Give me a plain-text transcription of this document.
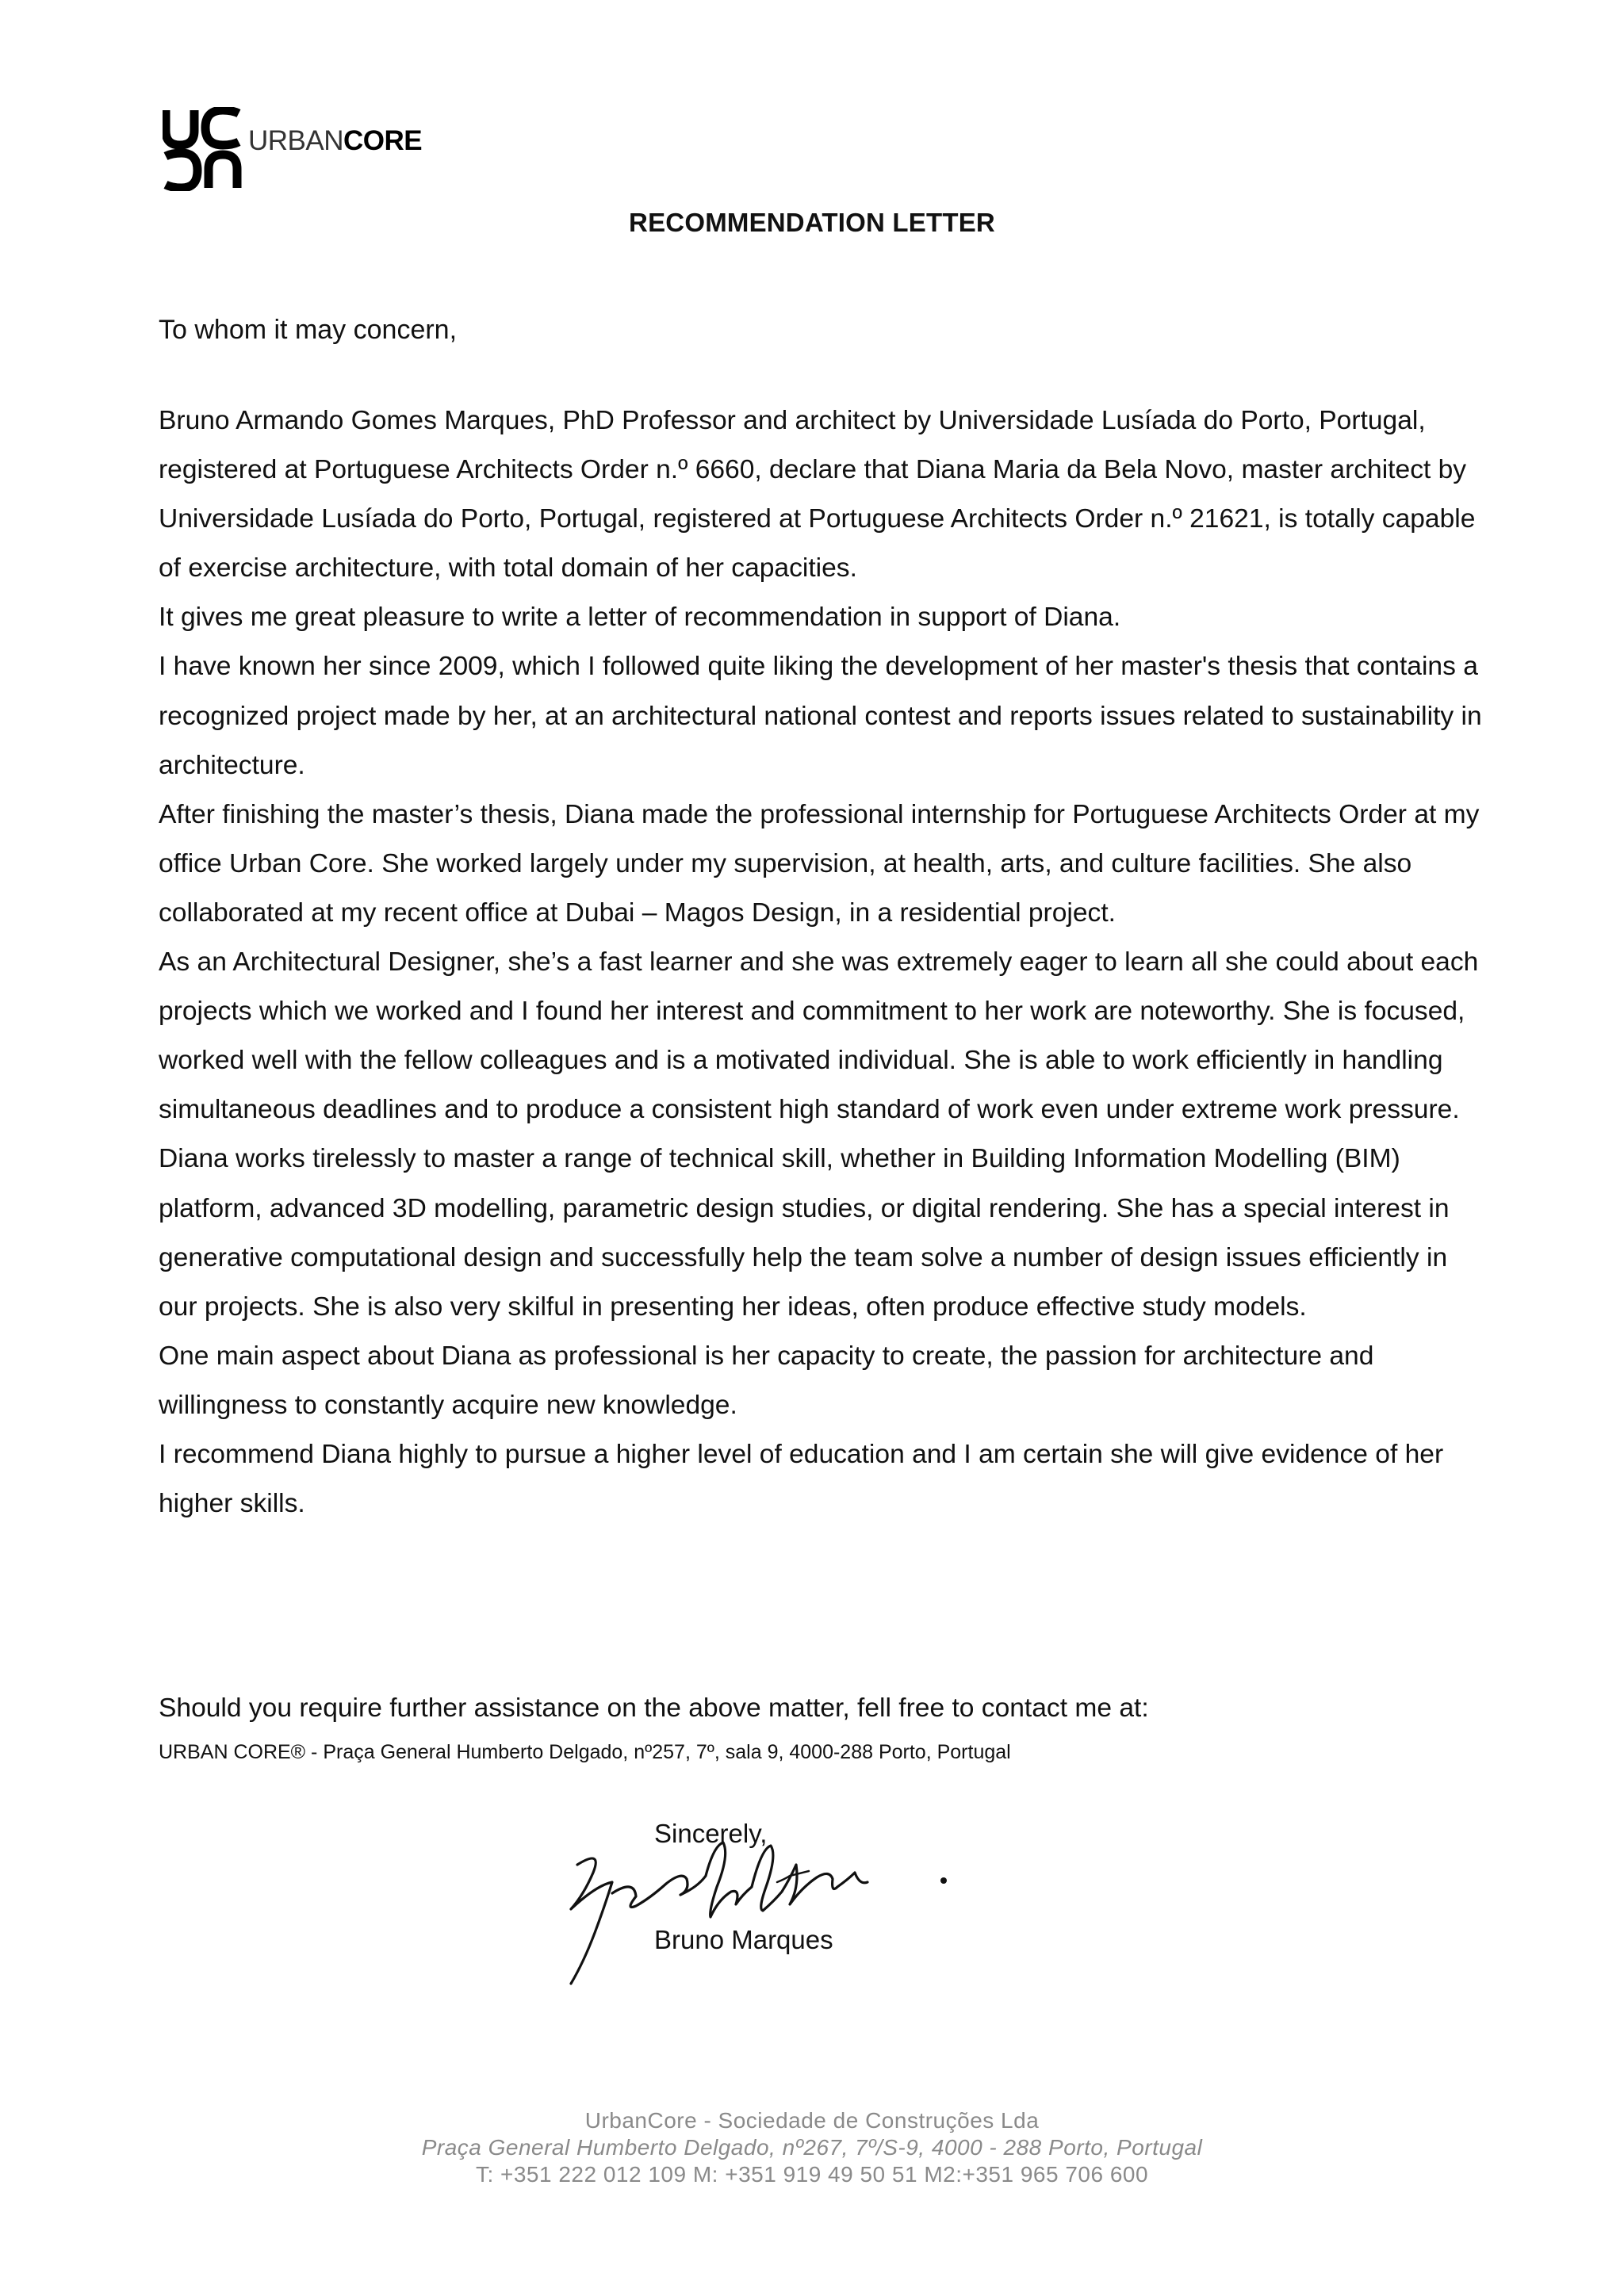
URBANCORE
RECOMMENDATION LETTER
To whom it may concern,

Bruno Armando Gomes Marques, PhD Professor and architect by Universidade Lusíada do Porto, Portugal, registered at Portuguese Architects Order n.º 6660, declare that Diana Maria da Bela Novo, master architect by Universidade Lusíada do Porto, Portugal, registered at Portuguese Architects Order n.º 21621, is totally capable of exercise architecture, with total domain of her capacities.

It gives me great pleasure to write a letter of recommendation in support of Diana.

I have known her since 2009, which I followed quite liking the development of her master's thesis that contains a recognized project made by her, at an architectural national contest and reports issues related to sustainability in architecture.

After finishing the master’s thesis, Diana made the professional internship for Portuguese Architects Order at my office Urban Core. She worked largely under my supervision, at health, arts, and culture facilities. She also collaborated at my recent office at Dubai – Magos Design, in a residential project.

As an Architectural Designer, she’s a fast learner and she was extremely eager to learn all she could about each projects which we worked and I found her interest and commitment to her work are noteworthy. She is focused, worked well with the fellow colleagues and is a motivated individual. She is able to work efficiently in handling simultaneous deadlines and to produce a consistent high standard of work even under extreme work pressure.

Diana works tirelessly to master a range of technical skill, whether in Building Information Modelling (BIM) platform, advanced 3D modelling, parametric design studies, or digital rendering. She has a special interest in generative computational design and successfully help the team solve a number of design issues efficiently in our projects. She is also very skilful in presenting her ideas, often produce effective study models.

One main aspect about Diana as professional is her capacity to create, the passion for architecture and willingness to constantly acquire new knowledge.

I recommend Diana highly to pursue a higher level of education and I am certain she will give evidence of her higher skills.

Should you require further assistance on the above matter, fell free to contact me at:
URBAN CORE® - Praça General Humberto Delgado, nº257, 7º, sala 9, 4000-288 Porto, Portugal
Sincerely,
Bruno Marques
UrbanCore - Sociedade de Construções Lda
Praça General Humberto Delgado, nº267, 7º/S-9, 4000 - 288 Porto, Portugal
T: +351 222 012 109 M: +351 919 49 50 51 M2:+351 965 706 600
